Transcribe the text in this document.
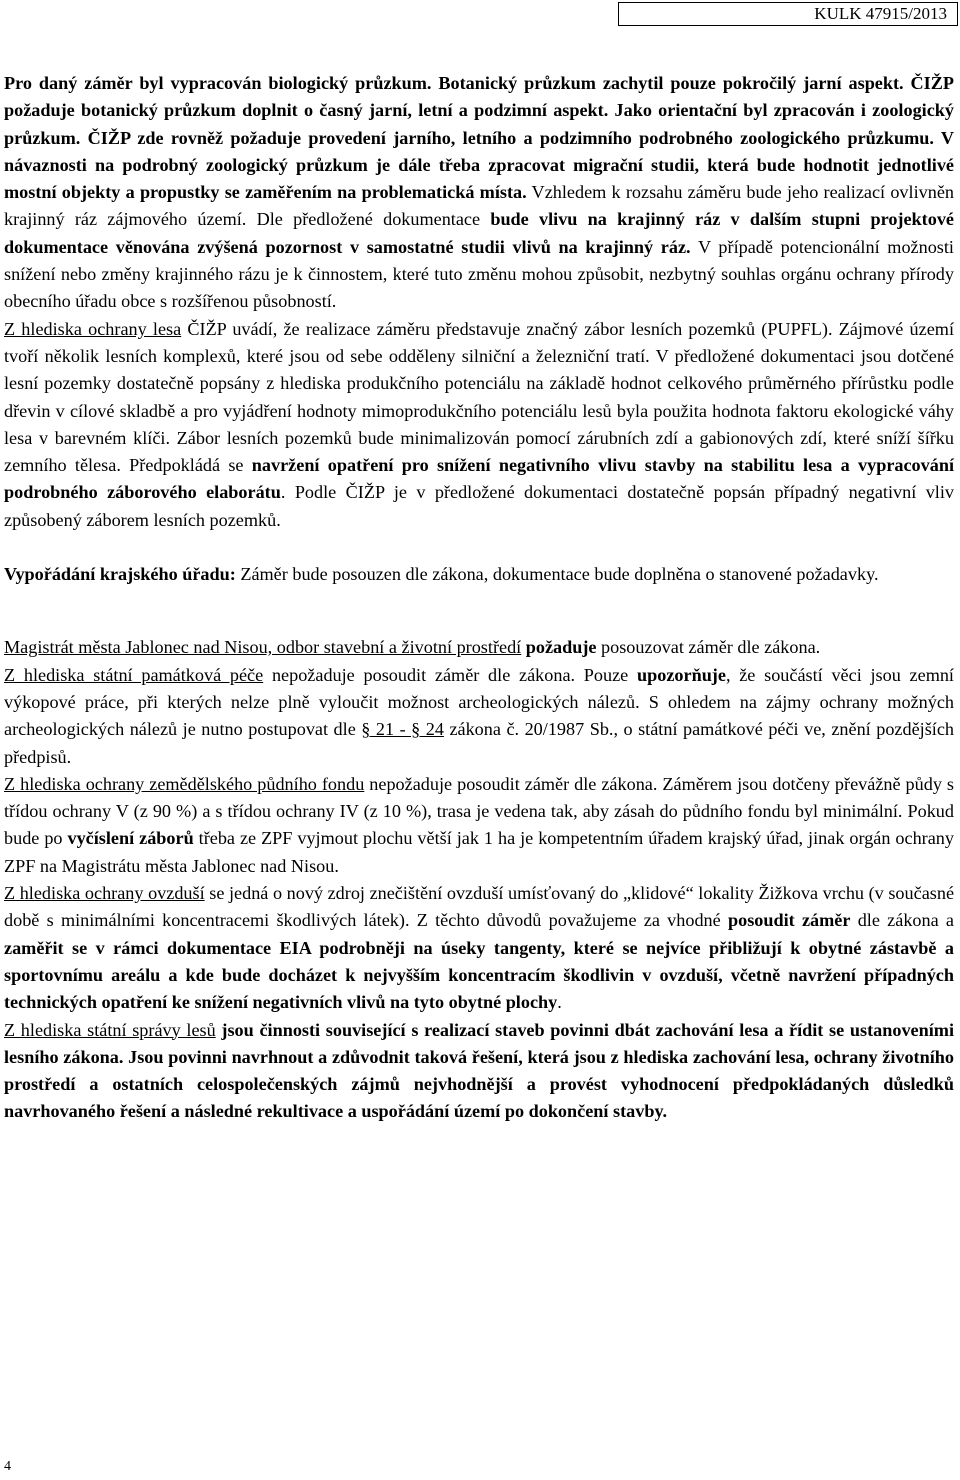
KULK 47915/2013

Pro daný záměr byl vypracován biologický průzkum. Botanický průzkum zachytil pouze pokročilý jarní aspekt. ČIŽP požaduje botanický průzkum doplnit o časný jarní, letní a podzimní aspekt. Jako orientační byl zpracován i zoologický průzkum. ČIŽP zde rovněž požaduje provedení jarního, letního a podzimního podrobného zoologického průzkumu. V návaznosti na podrobný zoologický průzkum je dále třeba zpracovat migrační studii, která bude hodnotit jednotlivé mostní objekty a propustky se zaměřením na problematická místa. Vzhledem k rozsahu záměru bude jeho realizací ovlivněn krajinný ráz zájmového území. Dle předložené dokumentace bude vlivu na krajinný ráz v dalším stupni projektové dokumentace věnována zvýšená pozornost v samostatné studii vlivů na krajinný ráz. V případě potencionální možnosti snížení nebo změny krajinného rázu je k činnostem, které tuto změnu mohou způsobit, nezbytný souhlas orgánu ochrany přírody obecního úřadu obce s rozšířenou působností.

Z hlediska ochrany lesa ČIŽP uvádí, že realizace záměru představuje značný zábor lesních pozemků (PUPFL). Zájmové území tvoří několik lesních komplexů, které jsou od sebe odděleny silniční a železniční tratí. V předložené dokumentaci jsou dotčené lesní pozemky dostatečně popsány z hlediska produkčního potenciálu na základě hodnot celkového průměrného přírůstku podle dřevin v cílové skladbě a pro vyjádření hodnoty mimoprodukčního potenciálu lesů byla použita hodnota faktoru ekologické váhy lesa v barevném klíči. Zábor lesních pozemků bude minimalizován pomocí zárubních zdí a gabionových zdí, které sníží šířku zemního tělesa. Předpokládá se navržení opatření pro snížení negativního vlivu stavby na stabilitu lesa a vypracování podrobného záborového elaborátu. Podle ČIŽP je v předložené dokumentaci dostatečně popsán případný negativní vliv způsobený záborem lesních pozemků.

Vypořádání krajského úřadu: Záměr bude posouzen dle zákona, dokumentace bude doplněna o stanovené požadavky.

Magistrát města Jablonec nad Nisou, odbor stavební a životní prostředí požaduje posouzovat záměr dle zákona.

Z hlediska státní památková péče nepožaduje posoudit záměr dle zákona. Pouze upozorňuje, že součástí věci jsou zemní výkopové práce, při kterých nelze plně vyloučit možnost archeologických nálezů. S ohledem na zájmy ochrany možných archeologických nálezů je nutno postupovat dle § 21 - § 24 zákona č. 20/1987 Sb., o státní památkové péči ve, znění pozdějších předpisů.

Z hlediska ochrany zemědělského půdního fondu nepožaduje posoudit záměr dle zákona. Záměrem jsou dotčeny převážně půdy s třídou ochrany V (z 90 %) a s třídou ochrany IV (z 10 %), trasa je vedena tak, aby zásah do půdního fondu byl minimální. Pokud bude po vyčíslení záborů třeba ze ZPF vyjmout plochu větší jak 1 ha je kompetentním úřadem krajský úřad, jinak orgán ochrany ZPF na Magistrátu města Jablonec nad Nisou.

Z hlediska ochrany ovzduší se jedná o nový zdroj znečištění ovzduší umísťovaný do „klidové“ lokality Žižkova vrchu (v současné době s minimálními koncentracemi škodlivých látek). Z těchto důvodů považujeme za vhodné posoudit záměr dle zákona a zaměřit se v rámci dokumentace EIA podrobněji na úseky tangenty, které se nejvíce přibližují k obytné zástavbě a sportovnímu areálu a kde bude docházet k nejvyšším koncentracím škodlivin v ovzduší, včetně navržení případných technických opatření ke snížení negativních vlivů na tyto obytné plochy.

Z hlediska státní správy lesů jsou činnosti související s realizací staveb povinni dbát zachování lesa a řídit se ustanoveními lesního zákona. Jsou povinni navrhnout a zdůvodnit taková řešení, která jsou z hlediska zachování lesa, ochrany životního prostředí a ostatních celospolečenských zájmů nejvhodnější a provést vyhodnocení předpokládaných důsledků navrhovaného řešení a následné rekultivace a uspořádání území po dokončení stavby.

4
